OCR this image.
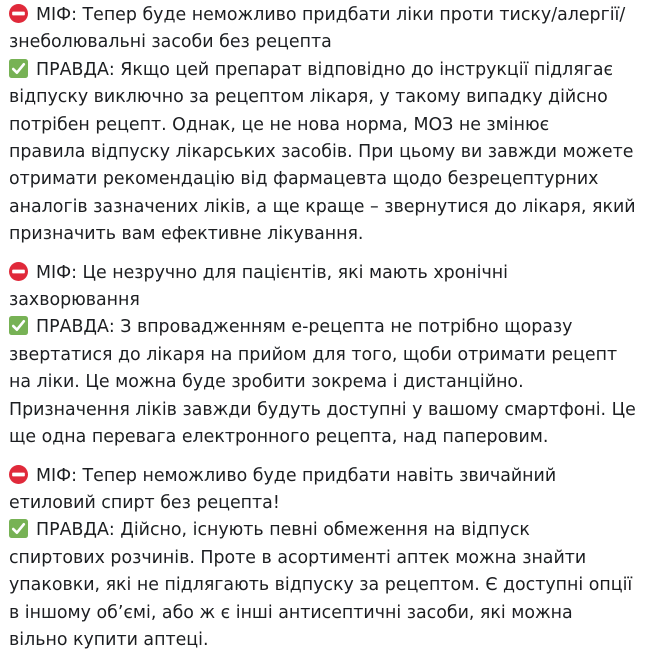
МІФ: Тепер буде неможливо придбати ліки проти тиску/алергії/
знеболювальні засоби без рецепта
ПРАВДА: Якщо цей препарат відповідно до інструкції підлягає
відпуску виключно за рецептом лікаря, у такому випадку дійсно
потрібен рецепт. Однак, це не нова норма, МОЗ не змінює
правила відпуску лікарських засобів. При цьому ви завжди можете
отримати рекомендацію від фармацевта щодо безрецептурних
аналогів зазначених ліків, а ще краще – звернутися до лікаря, який
призначить вам ефективне лікування.
МІФ: Це незручно для пацієнтів, які мають хронічні
захворювання
ПРАВДА: З впровадженням е-рецепта не потрібно щоразу
звертатися до лікаря на прийом для того, щоби отримати рецепт
на ліки. Це можна буде зробити зокрема і дистанційно.
Призначення ліків завжди будуть доступні у вашому смартфоні. Це
ще одна перевага електронного рецепта, над паперовим.
МІФ: Тепер неможливо буде придбати навіть звичайний
етиловий спирт без рецепта!
ПРАВДА: Дійсно, існують певні обмеження на відпуск
спиртових розчинів. Проте в асортименті аптек можна знайти
упаковки, які не підлягають відпуску за рецептом. Є доступні опції
в іншому об’ємі, або ж є інші антисептичні засоби, які можна
вільно купити аптеці.
